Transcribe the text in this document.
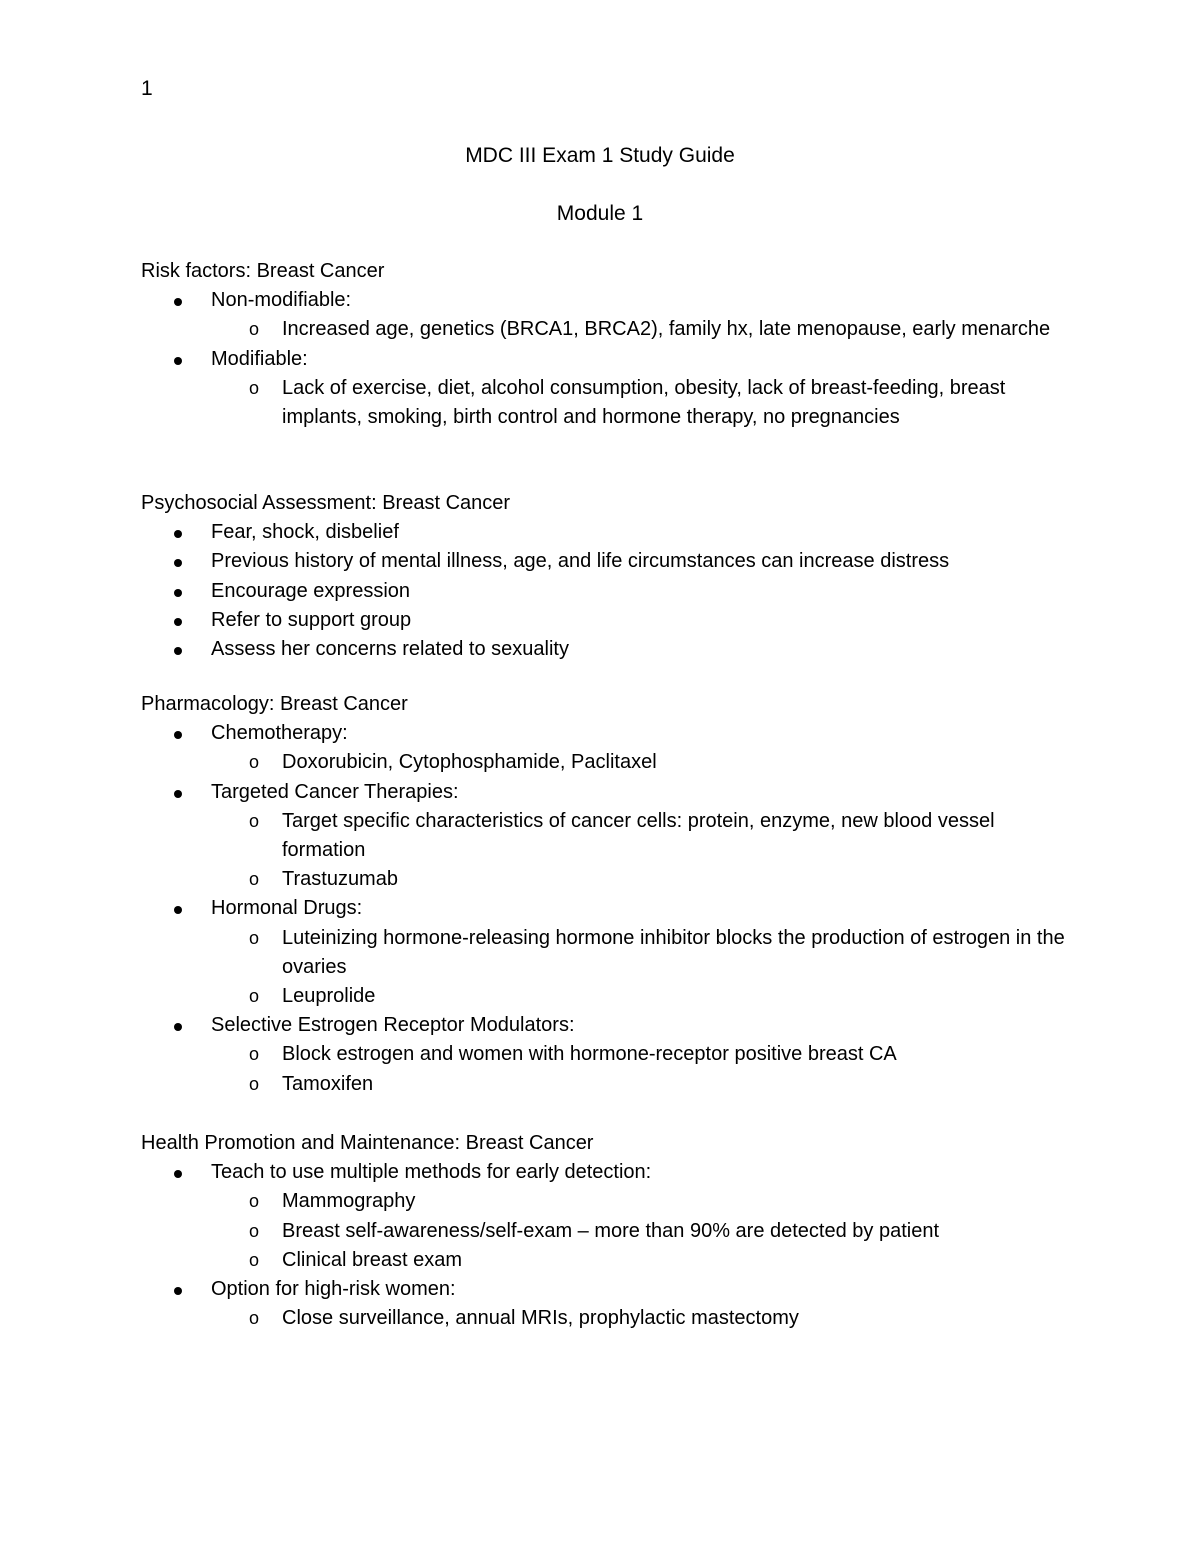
1
MDC III Exam 1 Study Guide
Module 1
Risk factors: Breast Cancer
Non-modifiable:
o Increased age, genetics (BRCA1, BRCA2), family hx, late menopause, early menarche
Modifiable:
o Lack of exercise, diet, alcohol consumption, obesity, lack of breast-feeding, breast implants, smoking, birth control and hormone therapy, no pregnancies
Psychosocial Assessment: Breast Cancer
Fear, shock, disbelief
Previous history of mental illness, age, and life circumstances can increase distress
Encourage expression
Refer to support group
Assess her concerns related to sexuality
Pharmacology: Breast Cancer
Chemotherapy:
o Doxorubicin, Cytophosphamide, Paclitaxel
Targeted Cancer Therapies:
o Target specific characteristics of cancer cells: protein, enzyme, new blood vessel formation
o Trastuzumab
Hormonal Drugs:
o Luteinizing hormone-releasing hormone inhibitor blocks the production of estrogen in the ovaries
o Leuprolide
Selective Estrogen Receptor Modulators:
o Block estrogen and women with hormone-receptor positive breast CA
o Tamoxifen
Health Promotion and Maintenance: Breast Cancer
Teach to use multiple methods for early detection:
o Mammography
o Breast self-awareness/self-exam – more than 90% are detected by patient
o Clinical breast exam
Option for high-risk women:
o Close surveillance, annual MRIs, prophylactic mastectomy
